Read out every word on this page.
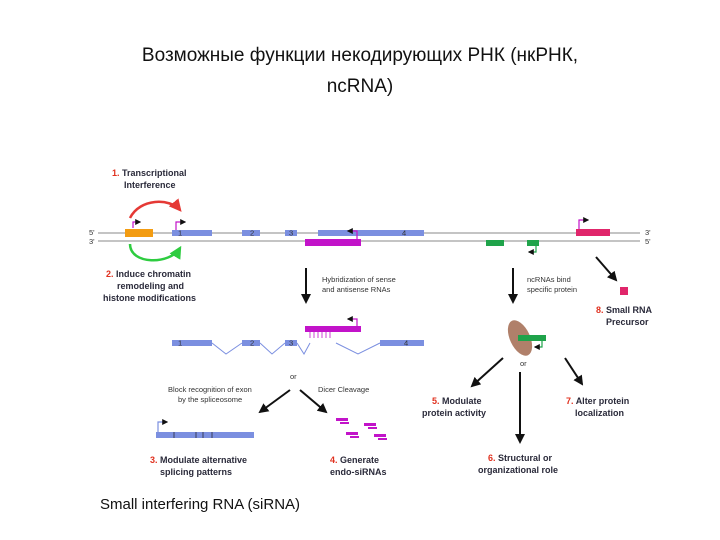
Возможные функции некодирующих РНК (нкРНК,
ncRNA)
1. Transcriptional
Interference
5'
3'
3'
5'
1	2	3	4
2. Induce chromatin
remodeling and
histone modifications
Hybridization of sense
and antisense RNAs
ncRNAs bind
specific protein
8. Small RNA
Precursor
1	2	3	4
or
or
Block recognition of exon
by the spliceosome
Dicer Cleavage
5. Modulate
protein activity
7. Alter protein
localization
3. Modulate alternative
splicing patterns
4. Generate
endo-siRNAs
6. Structural or
organizational role
Small interfering RNA (siRNA)
